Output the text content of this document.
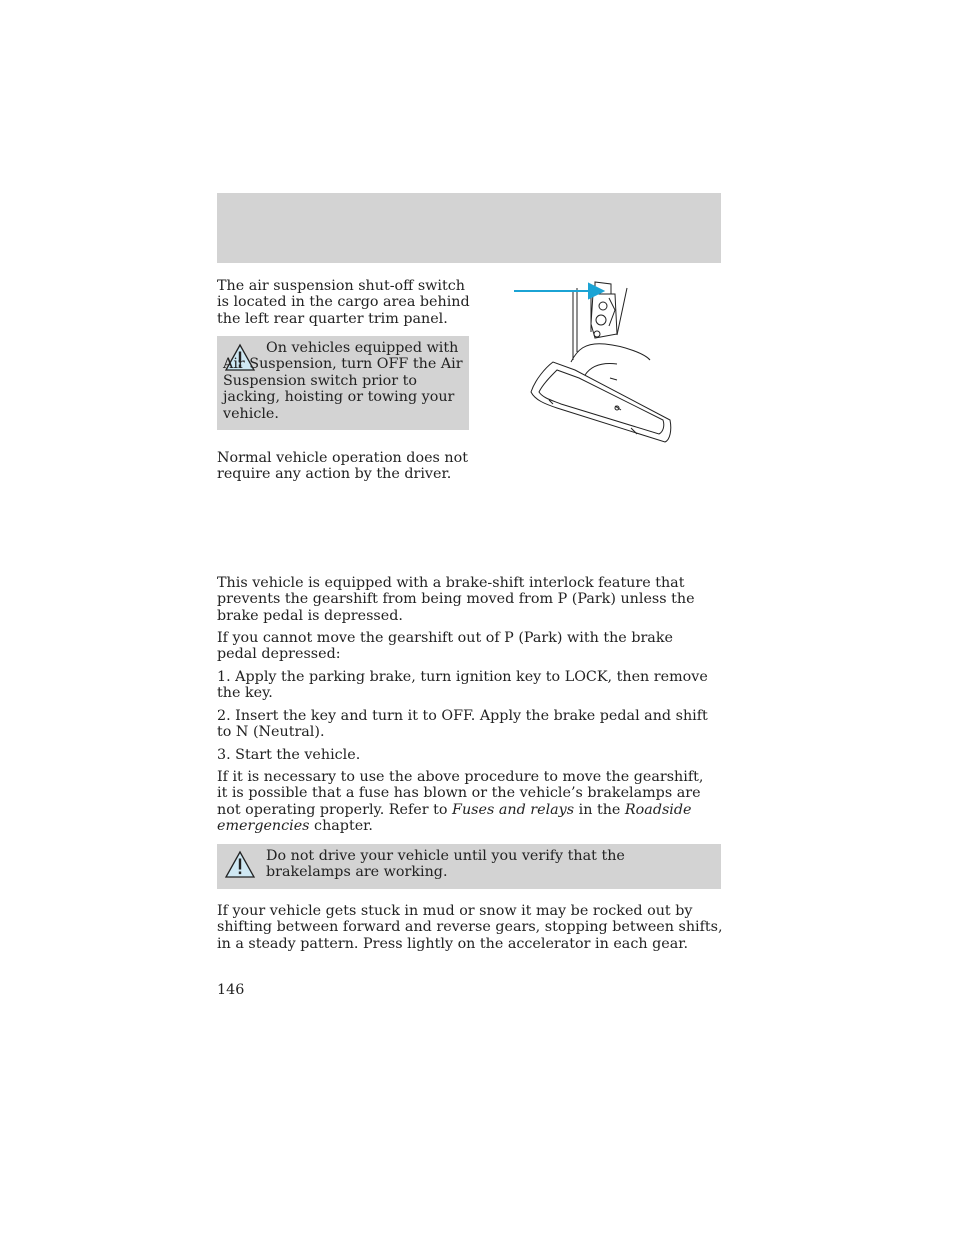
The air suspension shut-off switch is located in the cargo area behind the left rear quarter trim panel.

On vehicles equipped with Air Suspension, turn OFF the Air Suspension switch prior to jacking, hoisting or towing your vehicle.

Normal vehicle operation does not require any action by the driver.

This vehicle is equipped with a brake-shift interlock feature that prevents the gearshift from being moved from P (Park) unless the brake pedal is depressed.

If you cannot move the gearshift out of P (Park) with the brake pedal depressed:

1. Apply the parking brake, turn ignition key to LOCK, then remove the key.

2. Insert the key and turn it to OFF. Apply the brake pedal and shift to N (Neutral).

3. Start the vehicle.

If it is necessary to use the above procedure to move the gearshift, it is possible that a fuse has blown or the vehicle’s brakelamps are not operating properly. Refer to Fuses and relays in the Roadside emergencies chapter.

Do not drive your vehicle until you verify that the brakelamps are working.

If your vehicle gets stuck in mud or snow it may be rocked out by shifting between forward and reverse gears, stopping between shifts, in a steady pattern. Press lightly on the accelerator in each gear.

146
